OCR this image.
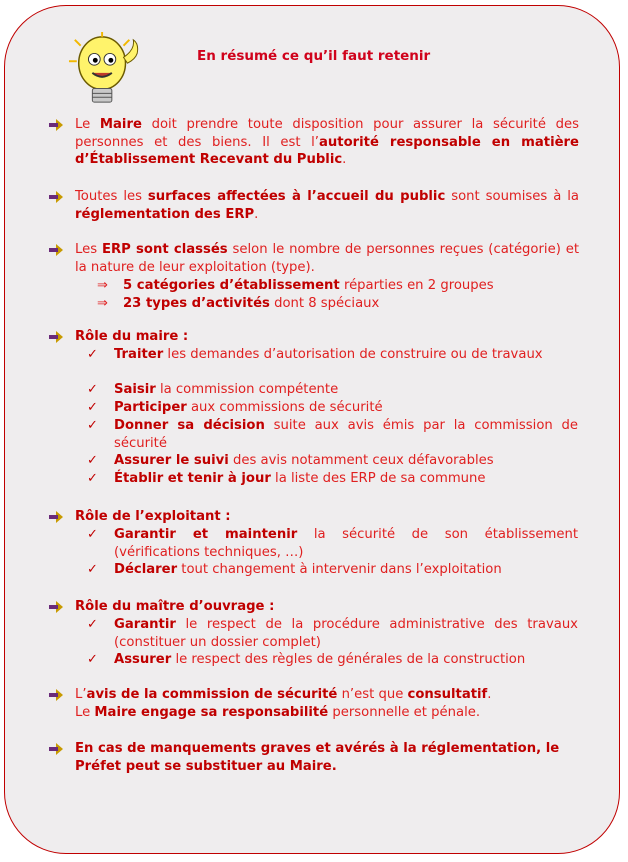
En résumé ce qu’il faut retenir
Le Maire doit prendre toute disposition pour assurer la sécurité des personnes et des biens. Il est l’autorité responsable en matière d’Établissement Recevant du Public.
Toutes les surfaces affectées à l’accueil du public sont soumises à la réglementation des ERP.
Les ERP sont classés selon le nombre de personnes reçues (catégorie) et la nature de leur exploitation (type).
⇒ 5 catégories d’établissement réparties en 2 groupes
⇒ 23 types d’activités dont 8 spéciaux
Rôle du maire :
✓ Traiter les demandes d’autorisation de construire ou de travaux
✓ Saisir la commission compétente
✓ Participer aux commissions de sécurité
✓ Donner sa décision suite aux avis émis par la commission de sécurité
✓ Assurer le suivi des avis notamment ceux défavorables
✓ Établir et tenir à jour la liste des ERP de sa commune
Rôle de l’exploitant :
✓ Garantir et maintenir la sécurité de son établissement (vérifications techniques, …)
✓ Déclarer tout changement à intervenir dans l’exploitation
Rôle du maître d’ouvrage :
✓ Garantir le respect de la procédure administrative des travaux (constituer un dossier complet)
✓ Assurer le respect des règles de générales de la construction
L’avis de la commission de sécurité n’est que consultatif.
Le Maire engage sa responsabilité personnelle et pénale.
En cas de manquements graves et avérés à la réglementation, le Préfet peut se substituer au Maire.
